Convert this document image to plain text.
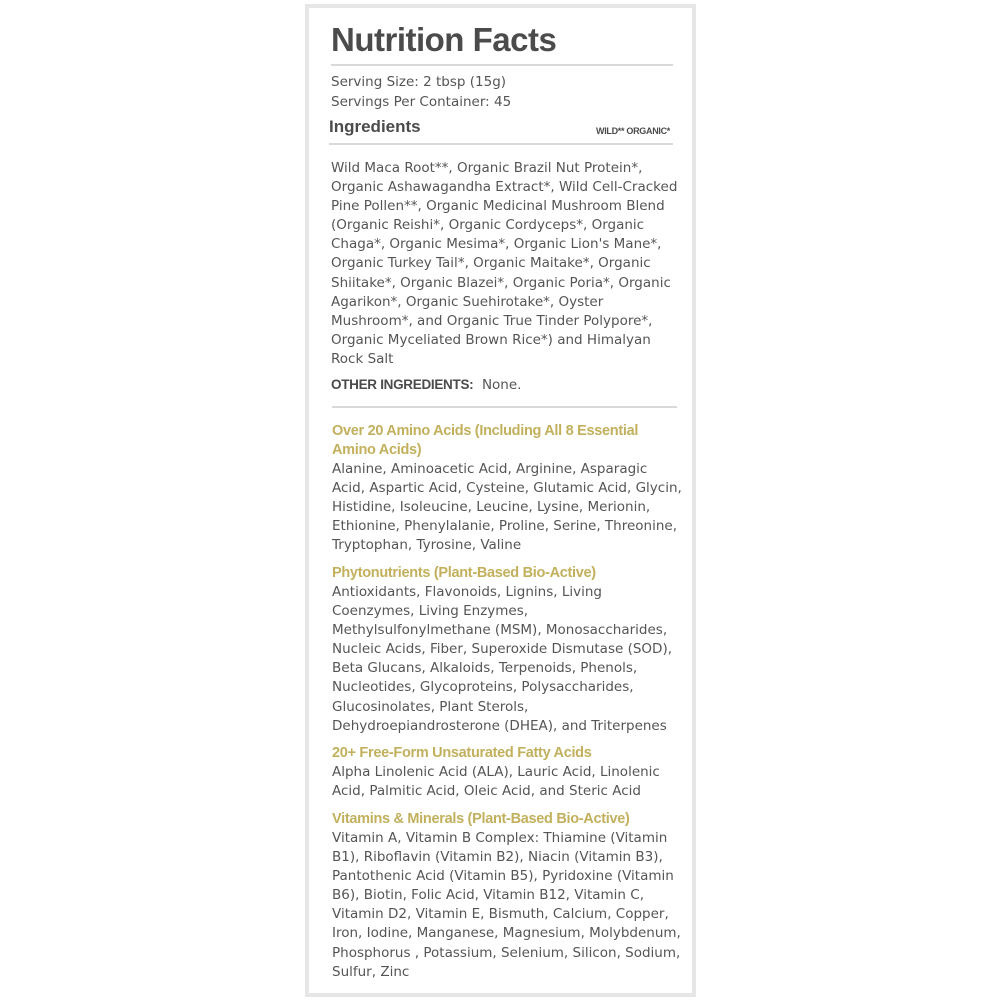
Nutrition Facts
Serving Size: 2 tbsp (15g)
Servings Per Container: 45
Ingredients	WILD** ORGANIC*
Wild Maca Root**, Organic Brazil Nut Protein*, Organic Ashawagandha Extract*, Wild Cell-Cracked Pine Pollen**, Organic Medicinal Mushroom Blend (Organic Reishi*, Organic Cordyceps*, Organic Chaga*, Organic Mesima*, Organic Lion's Mane*, Organic Turkey Tail*, Organic Maitake*, Organic Shiitake*, Organic Blazei*, Organic Poria*, Organic Agarikon*, Organic Suehirotake*, Oyster Mushroom*, and Organic True Tinder Polypore*, Organic Myceliated Brown Rice*) and Himalyan Rock Salt
OTHER INGREDIENTS: None.
Over 20 Amino Acids (Including All 8 Essential Amino Acids)
Alanine, Aminoacetic Acid, Arginine, Asparagic Acid, Aspartic Acid, Cysteine, Glutamic Acid, Glycin, Histidine, Isoleucine, Leucine, Lysine, Merionin, Ethionine, Phenylalanie, Proline, Serine, Threonine, Tryptophan, Tyrosine, Valine
Phytonutrients (Plant-Based Bio-Active)
Antioxidants, Flavonoids, Lignins, Living Coenzymes, Living Enzymes, Methylsulfonylmethane (MSM), Monosaccharides, Nucleic Acids, Fiber, Superoxide Dismutase (SOD), Beta Glucans, Alkaloids, Terpenoids, Phenols, Nucleotides, Glycoproteins, Polysaccharides, Glucosinolates, Plant Sterols, Dehydroepiandrosterone (DHEA), and Triterpenes
20+ Free-Form Unsaturated Fatty Acids
Alpha Linolenic Acid (ALA), Lauric Acid, Linolenic Acid, Palmitic Acid, Oleic Acid, and Steric Acid
Vitamins & Minerals (Plant-Based Bio-Active)
Vitamin A, Vitamin B Complex: Thiamine (Vitamin B1), Riboflavin (Vitamin B2), Niacin (Vitamin B3), Pantothenic Acid (Vitamin B5), Pyridoxine (Vitamin B6), Biotin, Folic Acid, Vitamin B12, Vitamin C, Vitamin D2, Vitamin E, Bismuth, Calcium, Copper, Iron, Iodine, Manganese, Magnesium, Molybdenum, Phosphorus , Potassium, Selenium, Silicon, Sodium, Sulfur, Zinc
